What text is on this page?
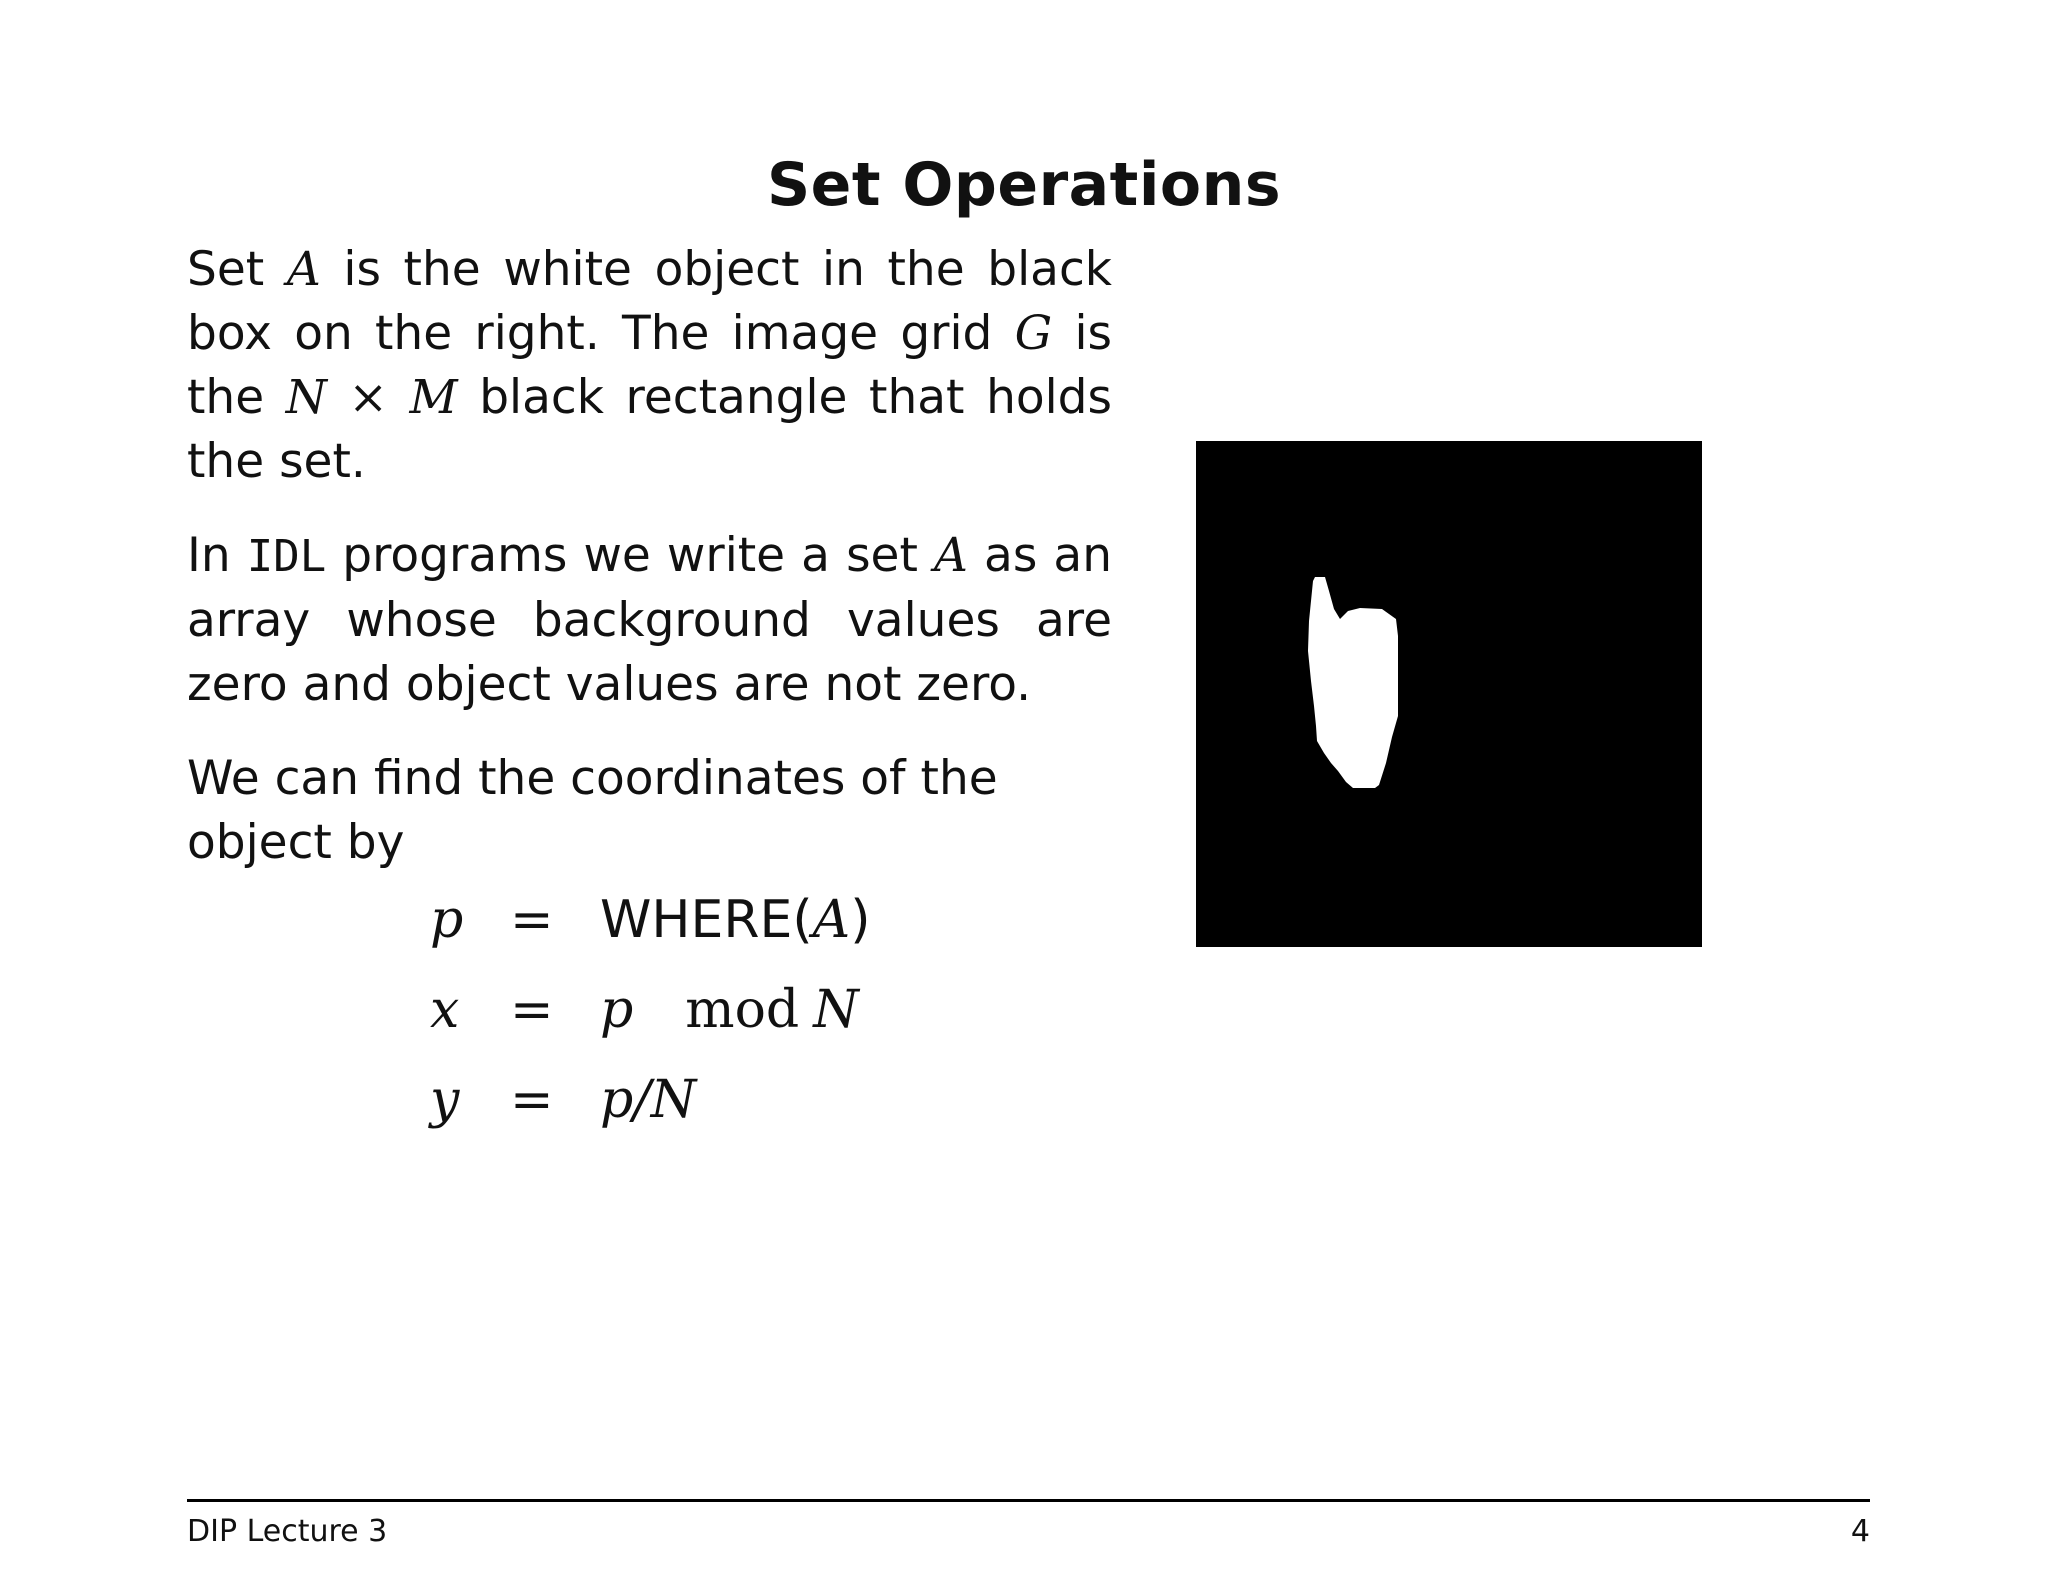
Set Operations

Set A is the white object in the black box on the right. The image grid G is the N × M black rectangle that holds the set.

In IDL programs we write a set A as an array whose background values are zero and object values are not zero.

We can find the coordinates of the object by

p = WHERE(A)
x = p mod N
y = p/N
DIP Lecture 3	4
